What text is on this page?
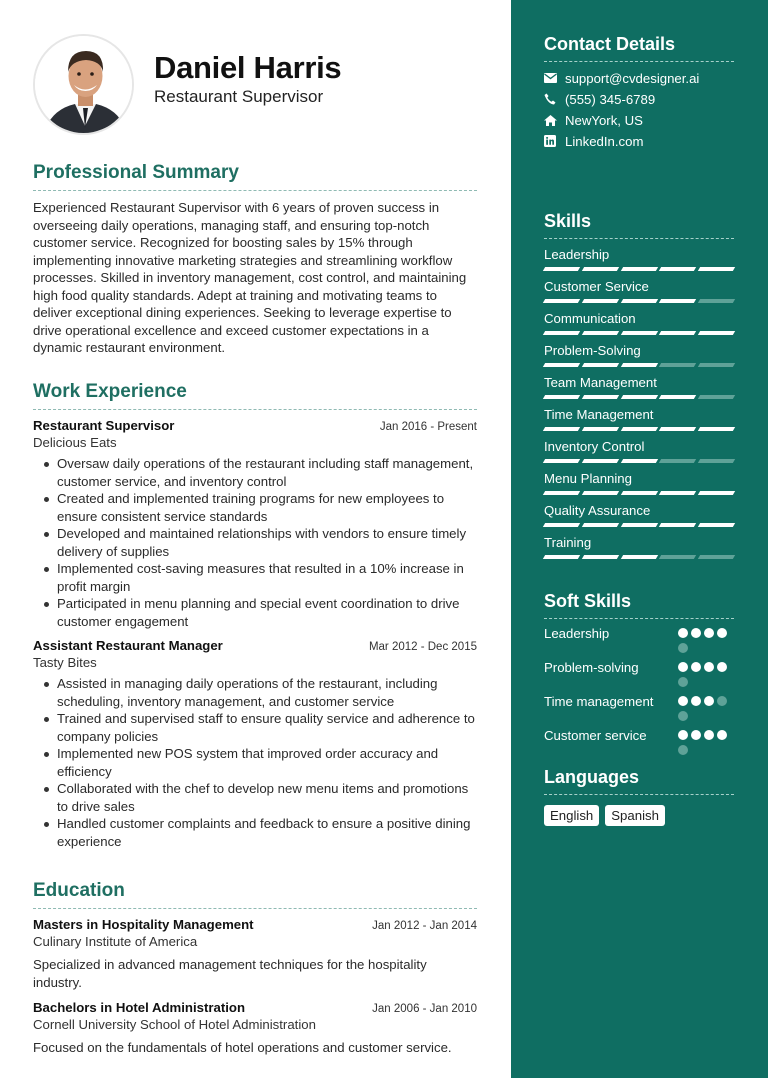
Daniel Harris
Restaurant Supervisor
Professional Summary
Experienced Restaurant Supervisor with 6 years of proven success in overseeing daily operations, managing staff, and ensuring top-notch customer service. Recognized for boosting sales by 15% through implementing innovative marketing strategies and streamlining workflow processes. Skilled in inventory management, cost control, and maintaining high food quality standards. Adept at training and motivating teams to deliver exceptional dining experiences. Seeking to leverage expertise to drive operational excellence and exceed customer expectations in a dynamic restaurant environment.
Work Experience
Restaurant Supervisor	Jan 2016 - Present
Delicious Eats
Oversaw daily operations of the restaurant including staff management, customer service, and inventory control
Created and implemented training programs for new employees to ensure consistent service standards
Developed and maintained relationships with vendors to ensure timely delivery of supplies
Implemented cost-saving measures that resulted in a 10% increase in profit margin
Participated in menu planning and special event coordination to drive customer engagement
Assistant Restaurant Manager	Mar 2012 - Dec 2015
Tasty Bites
Assisted in managing daily operations of the restaurant, including scheduling, inventory management, and customer service
Trained and supervised staff to ensure quality service and adherence to company policies
Implemented new POS system that improved order accuracy and efficiency
Collaborated with the chef to develop new menu items and promotions to drive sales
Handled customer complaints and feedback to ensure a positive dining experience
Education
Masters in Hospitality Management	Jan 2012 - Jan 2014
Culinary Institute of America
Specialized in advanced management techniques for the hospitality industry.
Bachelors in Hotel Administration	Jan 2006 - Jan 2010
Cornell University School of Hotel Administration
Focused on the fundamentals of hotel operations and customer service.
Contact Details
support@cvdesigner.ai
(555) 345-6789
NewYork, US
LinkedIn.com
Skills
Leadership
Customer Service
Communication
Problem-Solving
Team Management
Time Management
Inventory Control
Menu Planning
Quality Assurance
Training
Soft Skills
Leadership
Problem-solving
Time management
Customer service
Languages
English	Spanish
